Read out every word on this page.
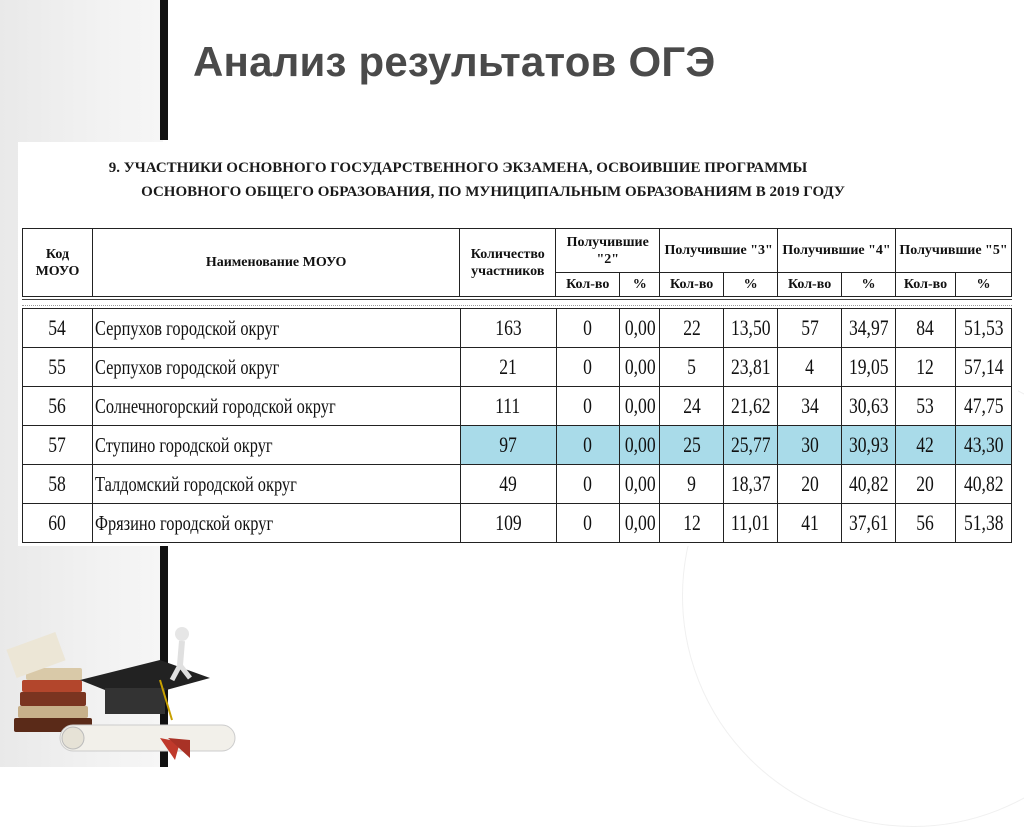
Анализ результатов ОГЭ
9. УЧАСТНИКИ ОСНОВНОГО ГОСУДАРСТВЕННОГО ЭКЗАМЕНА, ОСВОИВШИЕ ПРОГРАММЫ
ОСНОВНОГО ОБЩЕГО ОБРАЗОВАНИЯ, ПО МУНИЦИПАЛЬНЫМ ОБРАЗОВАНИЯМ В 2019 ГОДУ
Код МОУО	Наименование МОУО	Количество участников	Получившие "2"		Получившие "3"		Получившие "4"		Получившие "5"	
			Кол-во	%	Кол-во	%	Кол-во	%	Кол-во	%
54	Серпухов городской округ	163	0	0,00	22	13,50	57	34,97	84	51,53
55	Серпухов городской округ	21	0	0,00	5	23,81	4	19,05	12	57,14
56	Солнечногорский городской округ	111	0	0,00	24	21,62	34	30,63	53	47,75
57	Ступино городской округ	97	0	0,00	25	25,77	30	30,93	42	43,30
58	Талдомский городской округ	49	0	0,00	9	18,37	20	40,82	20	40,82
60	Фрязино городской округ	109	0	0,00	12	11,01	41	37,61	56	51,38
